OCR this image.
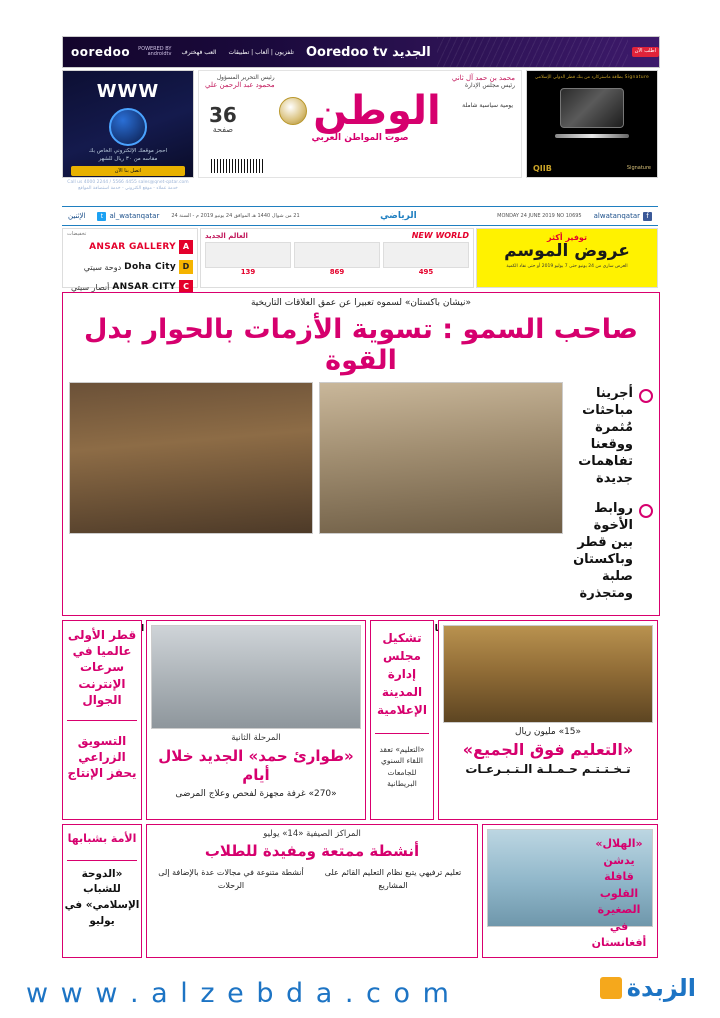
اطلب الآن
الجديد Ooredoo tv
تلفزيون | ألعاب | تطبيقات
العب فهخترف
POWERED BY
androidtv
ooredoo
WWW
احجز موقعك الإلكتروني الخاص بك
مقاسه من ٣٠ ريال للشهر
اتصل بنا الآن
Call us 4000 2244 / 5566 4455 sales@qnet-qatar.com خدمة عملاء - موقع الكتروني - خدمة استضافة المواقع
محمد بن حمد آل ثاني
رئيس مجلس الإدارة
رئيس التحرير المسؤول
محمود عبد الرحمن علي
الوطن
صوت المواطن العربي
36
صفحة
يومية سياسية شاملة
Signature بطاقة ماستركارد من بنك قطر الدولي الإسلامي
QIIB	Signature
f
alwatanqatar
MONDAY 24 JUNE 2019 NO 10695
الرياضي
21 من شوال 1440 هـ الموافق 24 يونيو 2019 م - السنة 24
al_watanqatar
t
الإثنين
توفير أكثر
عروض الموسم
العرض ساري من 24 يونيو حتى 7 يوليو 2019 أو حتى نفاد الكمية
NEW WORLD
العالم الجديد
495
869
139
تخفيضات
A
ANSAR GALLERY
D
Doha City
دوحة سيتي
C
ANSAR CITY
أنصار سيتي
«نيشان باكستان» لسموه تعبيرا عن عمق العلاقات التاريخية
صاحب السمو : تسوية الأزمات بالحوار بدل القوة
أجرينا مباحثات مُثمرة ووقعنا تفاهمات جديدة
روابط الأخوة بين قطر وباكستان صلبة ومتجذرة
«15» مليون ريال
«التعليم فوق الجميع»
تـخـتـتـم حـمـلـة الـتـبـرعـات
تشكيل مجلس إدارة المدينة الإعلامية
«التعليم» تعقد اللقاء السنوي للجامعات البريطانية
المرحلة الثانية
«طوارئ حمد» الجديد خلال أيام
«270» غرفة مجهزة لفحص وعلاج المرضى
قطر الأولى عالميا في سرعات الإنترنت الجوال
التسويق الزراعي يحفز الإنتاج
«الهلال» يدشن قافلة القلوب الصغيرة في أفغانستان
المراكز الصيفية «14» يوليو
أنشطة ممتعة ومفيدة للطلاب
تعليم ترفيهي يتبع نظام التعليم القائم على المشاريع
أنشطة متنوعة في مجالات عدة بالإضافة إلى الرحلات
الأمة بشبابها
«الدوحة للشباب الإسلامي» في يوليو
w w w . a l z e b d a . c o m	الزبدة
